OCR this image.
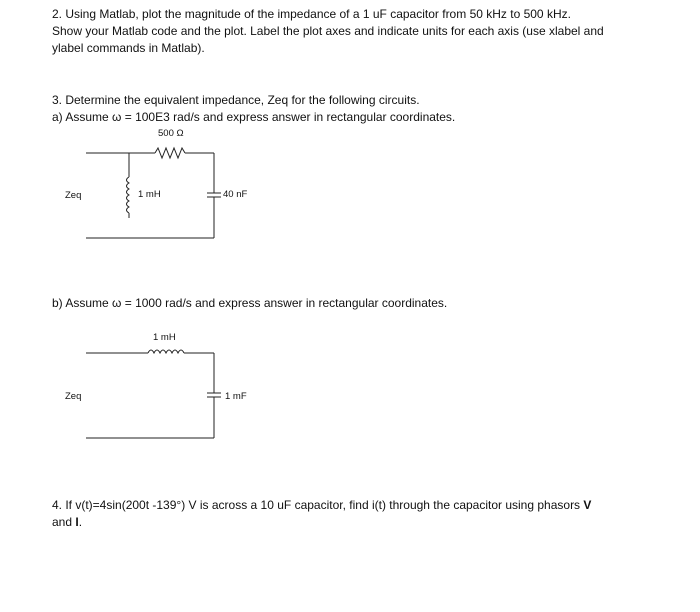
2. Using Matlab, plot the magnitude of the impedance of a 1 uF capacitor from 50 kHz to 500 kHz.
Show your Matlab code and the plot. Label the plot axes and indicate units for each axis (use xlabel and
ylabel commands in Matlab).
3. Determine the equivalent impedance, Zeq for the following circuits.
a) Assume ω = 100E3 rad/s and express answer in rectangular coordinates.
500 Ω
Zeq	1 mH	40 nF
b) Assume ω = 1000 rad/s and express answer in rectangular coordinates.
1 mH
Zeq	1 mF
4. If v(t)=4sin(200t -139°) V is across a 10 uF capacitor, find i(t) through the capacitor using phasors V
and I.
